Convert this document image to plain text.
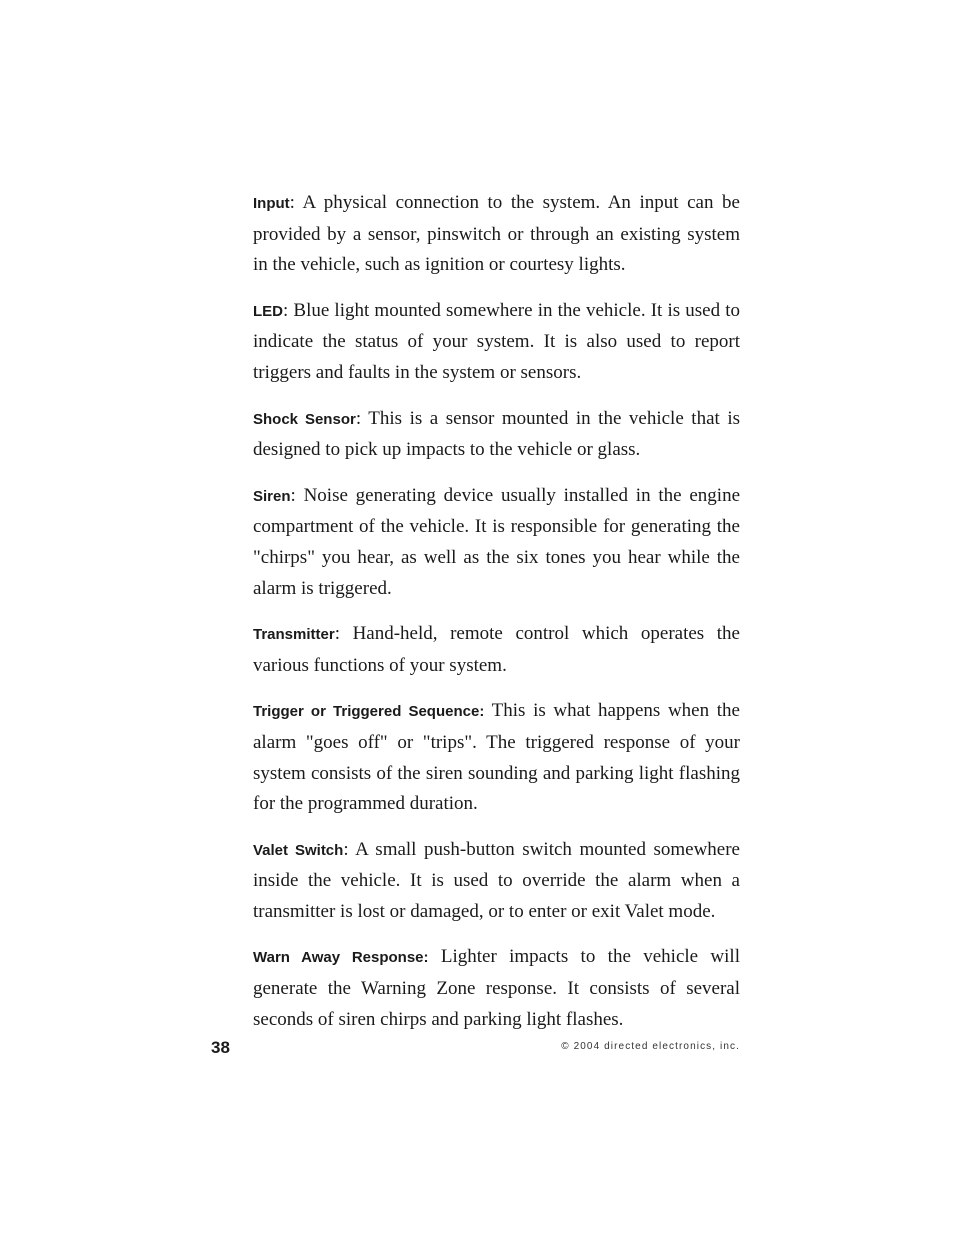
Input: A physical connection to the system. An input can be provided by a sensor, pinswitch or through an existing system in the vehicle, such as ignition or courtesy lights.

LED: Blue light mounted somewhere in the vehicle. It is used to indicate the status of your system. It is also used to report triggers and faults in the system or sensors.

Shock Sensor: This is a sensor mounted in the vehicle that is designed to pick up impacts to the vehicle or glass.

Siren: Noise generating device usually installed in the engine compartment of the vehicle. It is responsible for generating the "chirps" you hear, as well as the six tones you hear while the alarm is triggered.

Transmitter: Hand-held, remote control which operates the various functions of your system.

Trigger or Triggered Sequence: This is what happens when the alarm "goes off" or "trips". The triggered response of your system consists of the siren sounding and parking light flashing for the programmed duration.

Valet Switch: A small push-button switch mounted somewhere inside the vehicle. It is used to override the alarm when a transmitter is lost or damaged, or to enter or exit Valet mode.

Warn Away Response: Lighter impacts to the vehicle will generate the Warning Zone response. It consists of several seconds of siren chirps and parking light flashes.

38	© 2004 directed electronics, inc.
